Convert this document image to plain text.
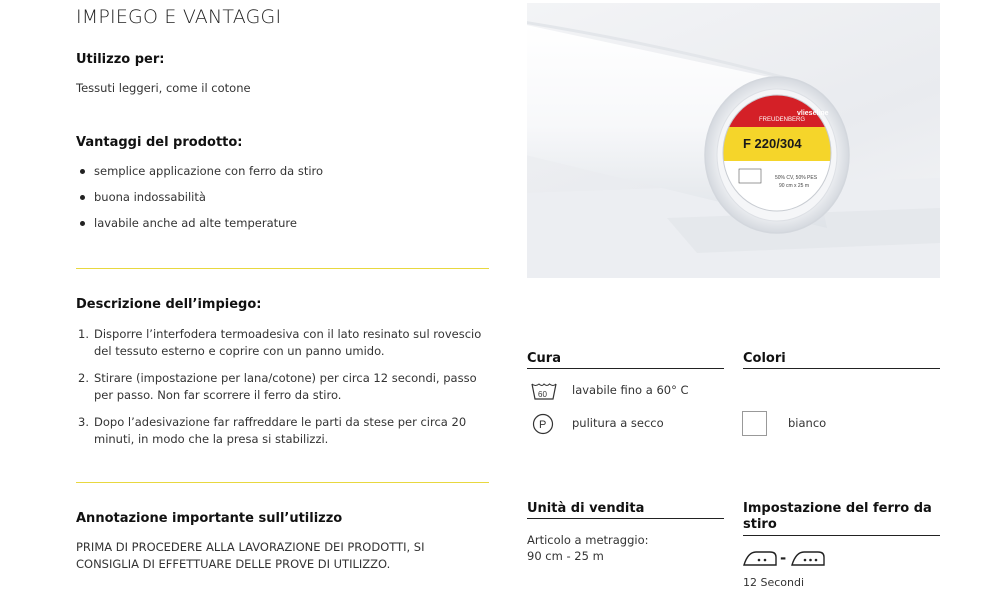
IMPIEGO E VANTAGGI
Utilizzo per:
Tessuti leggeri, come il cotone
Vantaggi del prodotto:
semplice applicazione con ferro da stiro
buona indossabilità
lavabile anche ad alte temperature
Descrizione dell’impiego:
1. Disporre l’interfodera termoadesiva con il lato resinato sul rovescio del tessuto esterno e coprire con un panno umido.
2. Stirare (impostazione per lana/cotone) per circa 12 secondi, passo per passo. Non far scorrere il ferro da stiro.
3. Dopo l’adesivazione far raffreddare le parti da stese per circa 20 minuti, in modo che la presa si stabilizzi.
Annotazione importante sull’utilizzo
PRIMA DI PROCEDERE ALLA LAVORAZIONE DEI PRODOTTI, SI CONSIGLIA DI EFFETTUARE DELLE PROVE DI UTILIZZO.
FREUDENBERG
vlieseline
F 220/304
50% CV, 50% PES
90 cm x 25 m
Cura
60 lavabile fino a 60° C
P pulitura a secco
Colori
bianco
Unità di vendita
Articolo a metraggio:
90 cm - 25 m
Impostazione del ferro da stiro
-
12 Secondi
